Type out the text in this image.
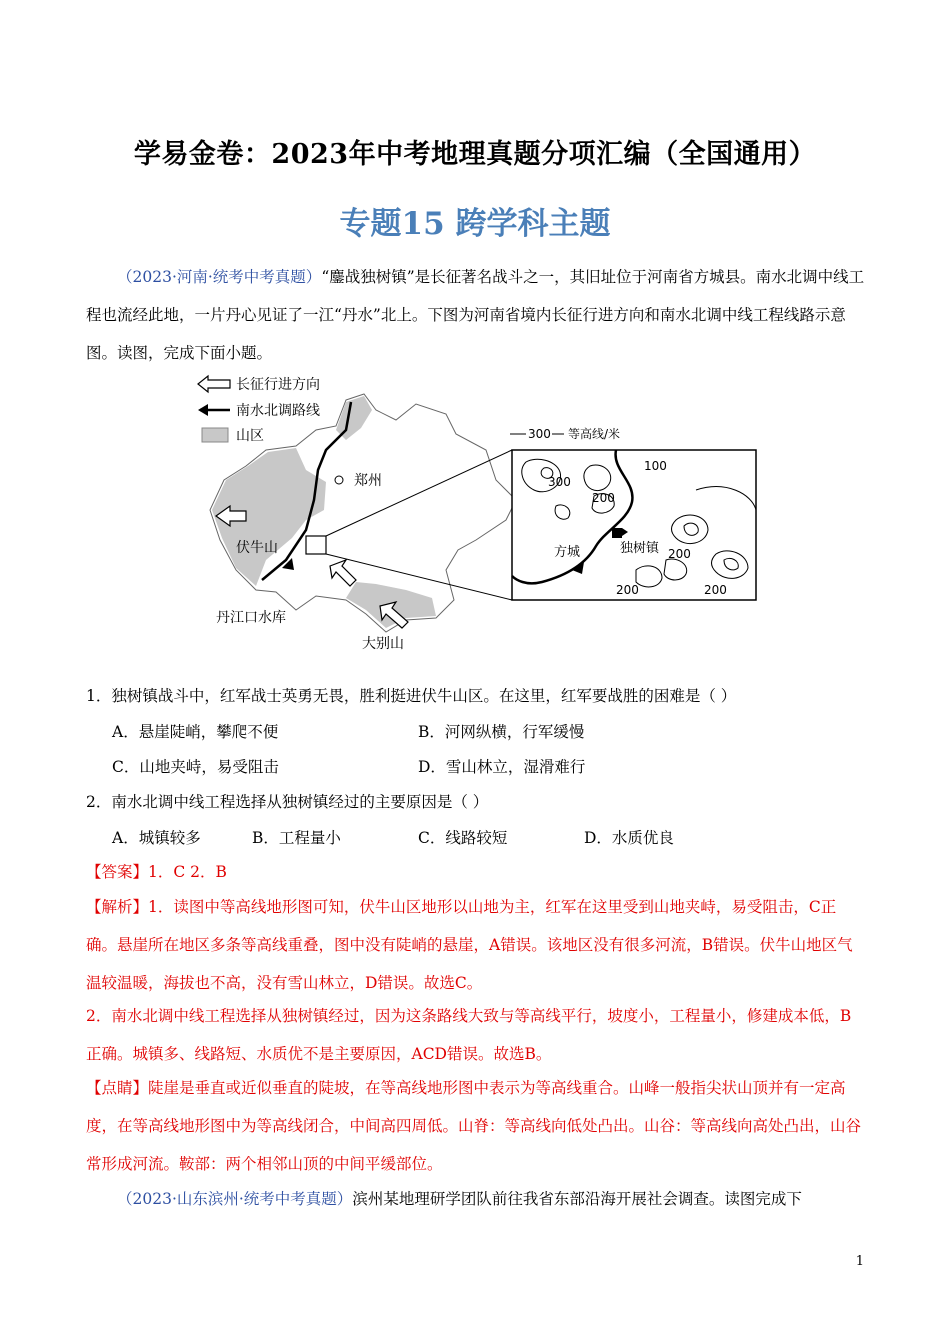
学易金卷：2023年中考地理真题分项汇编（全国通用）
专题15 跨学科主题
（2023·河南·统考中考真题）“鏖战独树镇”是长征著名战斗之一，其旧址位于河南省方城县。南水北调中线工程也流经此地，一片丹心见证了一江“丹水”北上。下图为河南省境内长征行进方向和南水北调中线工程线路示意图。读图，完成下面小题。
长征行进方向
南水北调路线
山区
郑州
伏牛山
丹江口水库
大别山
300 等高线/米
100
300
200
200
200	200
方城	独树镇
1．独树镇战斗中，红军战士英勇无畏，胜利挺进伏牛山区。在这里，红军要战胜的困难是（ ）
A．悬崖陡峭，攀爬不便	B．河网纵横，行军缓慢
C．山地夹峙，易受阻击	D．雪山林立，湿滑难行
2．南水北调中线工程选择从独树镇经过的主要原因是（ ）
A．城镇较多	B．工程量小	C．线路较短	D．水质优良
【答案】1．C 2．B
【解析】1．读图中等高线地形图可知，伏牛山区地形以山地为主，红军在这里受到山地夹峙，易受阻击，C正确。悬崖所在地区多条等高线重叠，图中没有陡峭的悬崖，A错误。该地区没有很多河流，B错误。伏牛山地区气温较温暖，海拔也不高，没有雪山林立，D错误。故选C。
2．南水北调中线工程选择从独树镇经过，因为这条路线大致与等高线平行，坡度小，工程量小，修建成本低，B正确。城镇多、线路短、水质优不是主要原因，ACD错误。故选B。
【点睛】陡崖是垂直或近似垂直的陡坡，在等高线地形图中表示为等高线重合。山峰一般指尖状山顶并有一定高度，在等高线地形图中为等高线闭合，中间高四周低。山脊：等高线向低处凸出。山谷：等高线向高处凸出，山谷常形成河流。鞍部：两个相邻山顶的中间平缓部位。
（2023·山东滨州·统考中考真题）滨州某地理研学团队前往我省东部沿海开展社会调查。读图完成下
1
